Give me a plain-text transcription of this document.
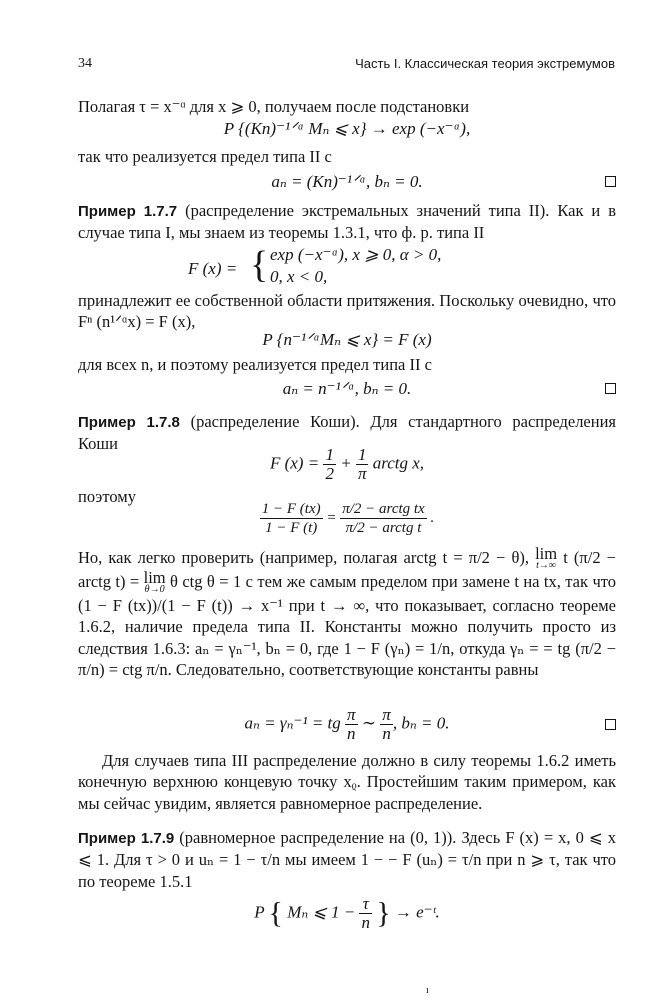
34	Часть I. Классическая теория экстремумов
Полагая τ = x⁻ᵅ для x ⩾ 0, получаем после подстановки
P {(Kn)⁻¹ᐟᵅ Mₙ ⩽ x} → exp (−x⁻ᵅ),
так что реализуется предел типа II с
aₙ = (Kn)⁻¹ᐟᵅ, bₙ = 0.
Пример 1.7.7 (распределение экстремальных значений типа II). Как и в случае типа I, мы знаем из теоремы 1.3.1, что ф. р. типа II
F (x) = { exp (−x⁻ᵅ), x ⩾ 0, α > 0,
0, x < 0,
принадлежит ее собственной области притяжения. Поскольку очевидно, что Fⁿ (n¹ᐟᵅx) = F (x),
P {n⁻¹ᐟᵅMₙ ⩽ x} = F (x)
для всех n, и поэтому реализуется предел типа II с
aₙ = n⁻¹ᐟᵅ, bₙ = 0.
Пример 1.7.8 (распределение Коши). Для стандартного распределения Коши
F $(x) = \frac{1}{2} + \frac{1}{\pi}$ arctg x,
поэтому
$\frac{1 - F (tx)}{1 - F (t)} = \frac{\text{π/2 − arctg tx}}{\text{π/2 − arctg t}}$ .
Но, как легко проверить (например, полагая arctg t = π/2 − θ), lim
t→∞ t (π/2 − arctg t) = lim
θ→0 θ ctg θ = 1 с тем же самым пределом при замене t на tx, так что (1 − F (tx))/(1 − F (t)) → x⁻¹ при t → ∞, что показывает, согласно теореме 1.6.2, наличие предела типа II. Константы можно получить просто из следствия 1.6.3: aₙ = γₙ⁻¹, bₙ = 0, где 1 − F (γₙ) = 1/n, откуда γₙ = = tg (π/2 − π/n) = ctg π/n. Следовательно, соответствующие константы равны
aₙ = γₙ⁻¹ = tg $\frac{\pi}{n}$ ∼ $\frac{\pi}{n}$ , bₙ = 0.
Для случаев типа III распределение должно в силу теоремы 1.6.2 иметь конечную верхнюю концевую точку xᵨ. Простейшим таким примером, как мы сейчас увидим, является равномерное распределение.
Пример 1.7.9 (равномерное распределение на (0, 1)). Здесь F (x) = x, 0 ⩽ x ⩽ 1. Для τ > 0 и uₙ = 1 − τ/n мы имеем 1 − − F (uₙ) = τ/n при n ⩾ τ, так что по теореме 1.5.1
P { Mₙ ⩽ $1 - \frac{\tau}{n}$ } → e⁻ᵗ.
ı
